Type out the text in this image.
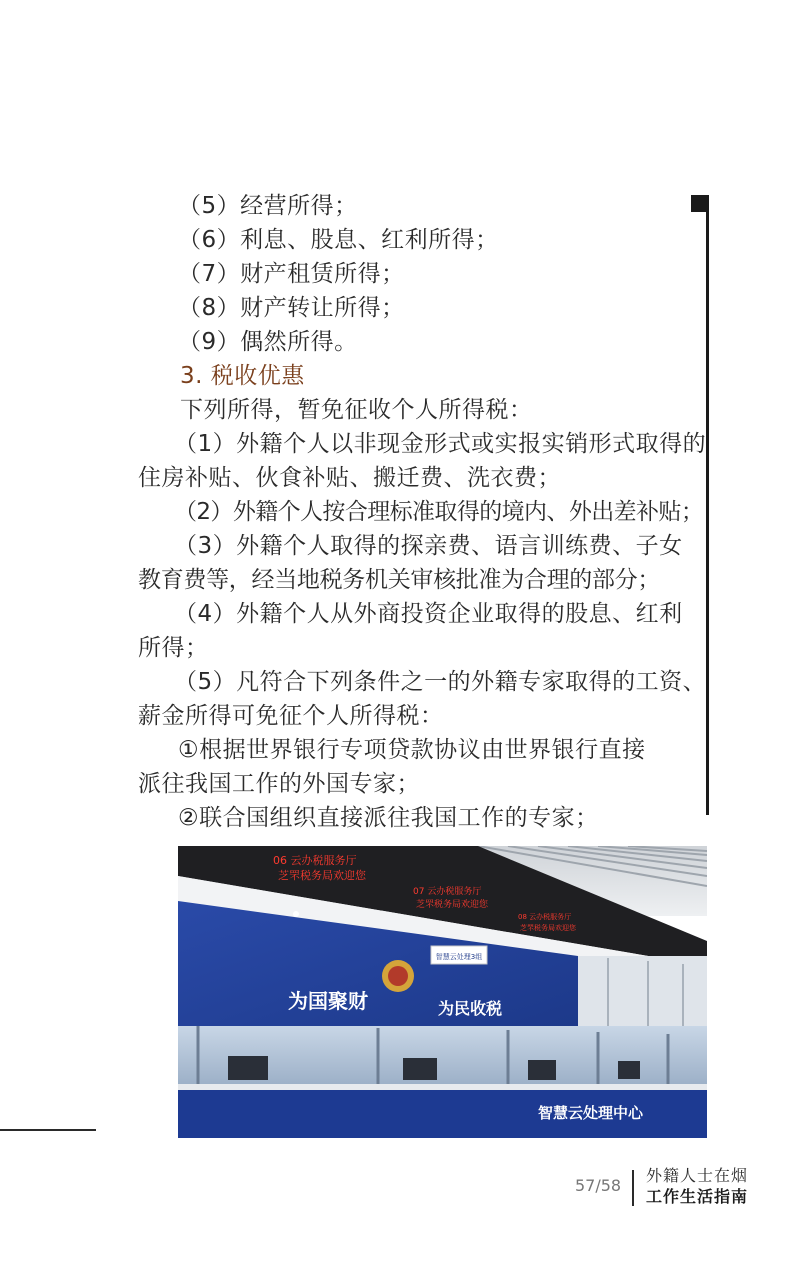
（5）经营所得；
（6）利息、股息、红利所得；
（7）财产租赁所得；
（8）财产转让所得；
（9）偶然所得。
3. 税收优惠
下列所得，暂免征收个人所得税：
（1）外籍个人以非现金形式或实报实销形式取得的
住房补贴、伙食补贴、搬迁费、洗衣费；
（2）外籍个人按合理标准取得的境内、外出差补贴；
（3）外籍个人取得的探亲费、语言训练费、子女
教育费等，经当地税务机关审核批准为合理的部分；
（4）外籍个人从外商投资企业取得的股息、红利
所得；
（5）凡符合下列条件之一的外籍专家取得的工资、
薪金所得可免征个人所得税：
①根据世界银行专项贷款协议由世界银行直接
派往我国工作的外国专家；
②联合国组织直接派往我国工作的专家；
06 云办税服务厅
芝罘税务局欢迎您
07 云办税服务厅
芝罘税务局欢迎您
08 云办税服务厅
芝罘税务局欢迎您
智慧云处理3组
为国聚财	为民收税
智慧云处理中心
57/58
外籍人士在烟
工作生活指南
